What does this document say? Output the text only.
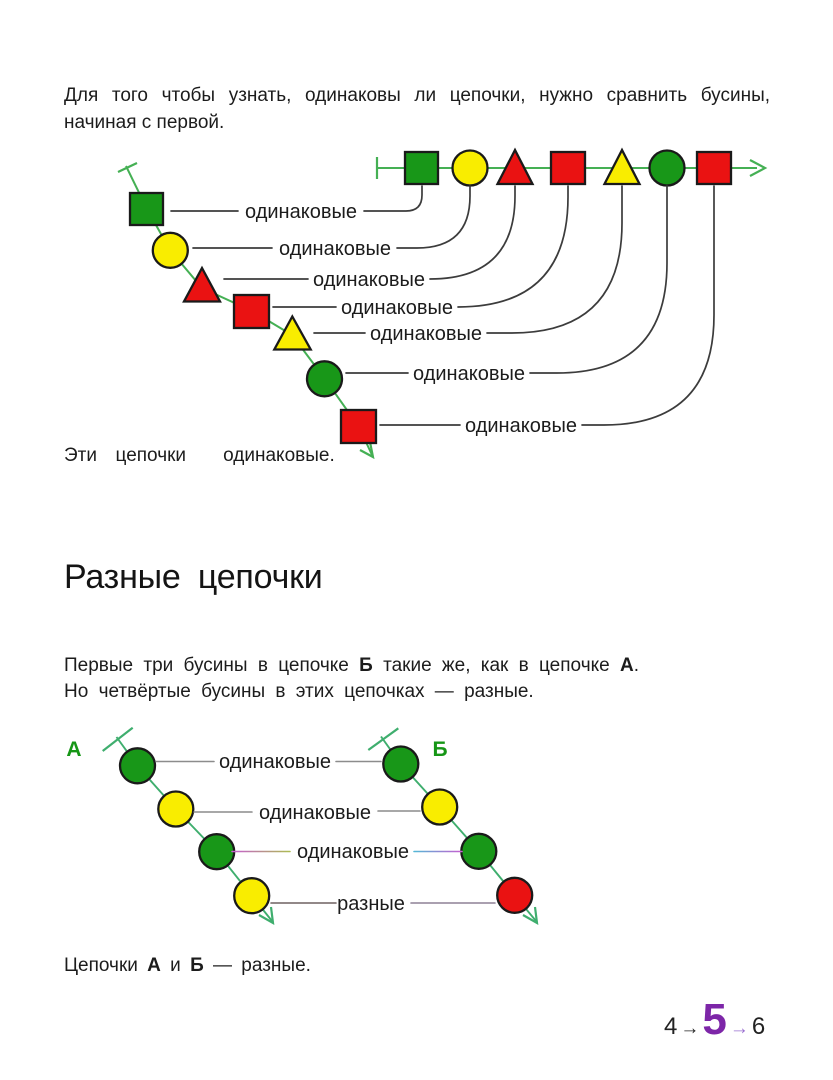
Для того чтобы узнать, одинаковы ли цепочки, нужно сравнить бусины,
начиная с первой.
одинаковые
одинаковые
одинаковые
одинаковые
одинаковые
одинаковые
одинаковые
Эти  цепочки    одинаковые.
Разные цепочки
Первые три бусины в цепочке Б такие же, как в цепочке А.
Но четвёртые бусины в этих цепочках — разные.
А	Б
одинаковые
одинаковые
одинаковые
разные
Цепочки А и Б — разные.
4 → 5 → 6
